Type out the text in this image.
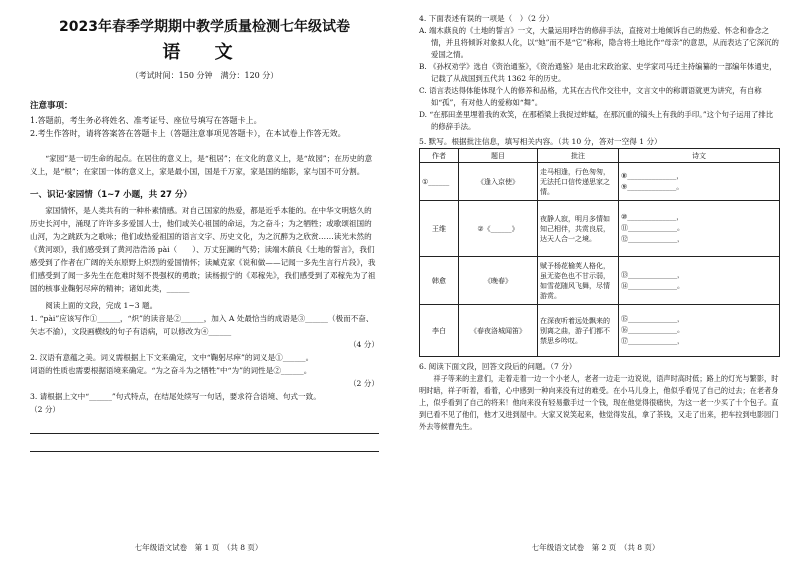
2023年春季学期期中教学质量检测七年级试卷
语 文
（考试时间：150 分钟　满分：120 分）
注意事项：
1.答题前，考生务必将姓名、准考证号、座位号填写在答题卡上。
2.考生作答时，请将答案答在答题卡上（答题注意事项见答题卡），在本试卷上作答无效。
“家园”是一切生命的起点。在居住的意义上，是“租居”；在文化的意义上，是“故园”；在历史的意义上，是“根”；在家国一体的意义上，家是最小国，国是千万家，家是国的缩影，家与国不可分割。
一、识记·家园情（1~7 小题，共 27 分）
家国情怀，是人类共有的一种朴素情感。对自己国家的热爱，都是近乎本能的。在中华文明悠久的历史长河中，涌现了许许多多爱国人士，他们或关心祖国的命运，为之奋斗；为之牺牲；或歌颂祖国的山河，为之跳跃为之歌咏；他们或热爱祖国的语言文字、历史文化，为之沉醉为之欣赏……读光未然的《黄河颂》，我们感受到了黄河浩浩汤 pài（　　）、万丈狂澜的气势；读端木蕻良《土地的誓言》，我们感受到了作者在广阔的关东原野上炽烈的爱国情怀；读臧克家《说和做——记闻一多先生言行片段》，我们感受到了闻一多先生在危难时刻不畏强权的勇敢；读杨振宁的《邓稼先》，我们感受到了邓稼先为了祖国的核事业鞠躬尽瘁的精神；诸如此类，______
阅读上面的文段，完成 1~3 题。
1. “pài”应该写作①______，“炽”的读音是②______，加入 A 处最恰当的成语是③______（极而不奋、矢志不渝），文段画横线的句子有语病，可以修改为④______
（4 分）
2. 汉语有意蕴之美。词义需根据上下文来确定，文中“鞠躬尽瘁”的词义是①______。
词语的性质也需要根据语境来确定。“为之奋斗为之牺牲”中“为”的词性是②______。
（2 分）
3. 请根据上文中“______”句式特点，在结尾处续写一句话，要求符合语境、句式一致。
（2 分）
七年级语文试卷　第 1 页　（共 8 页）
4. 下面表述有误的一项是（　）（2 分）
A. 端木蕻良的《土地的誓言》一文，大量运用呼告的修辞手法，直接对土地倾诉自己的热爱、怀念和眷念之情，并且将倾诉对象拟人化，以“她”而不是“它”称称，隐含将土地比作“母亲”的意思，从而表达了它深沉的爱国之情。
B. 《孙权劝学》选自《资治通鉴》，《资治通鉴》是由北宋政治家、史学家司马迁主持编纂的一部编年体通史，记载了从战国到五代共 1362 年的历史。
C. 语言表达得体能体现个人的修养和品格，尤其在古代作交往中，文言文中的称谓语就更为讲究，有自称如“孤”，有对他人的爱称如“舞”。
D. “在那田垄里埋着我的欢笑，在那稻梁上我捉过蚱蜢，在那沉重的镐头上有我的手印。”这个句子运用了排比的修辞手法。
5. 默写。根据批注信息，填写相关内容。（共 10 分，答对一空得 1 分）
作者	题目	批注	诗文
①______	《逢入京使》	走马相逢，行色匆匆，无法托口信传递思家之情。	⑧______________，
⑨______________。

王维	②《______》	夜静人寂，明月多情如知己相伴，共赏良辰，达天人合一之境。	⑩______________，
⑪______________。
⑫______________，

韩愈	《晚春》	赋予杨花榆荚人格化，虽无姿色也不甘示弱，如雪花随风飞舞，尽情游赏。	⑬______________，
⑭______________。

李白	《春夜洛城闻笛》	在深夜听着远处飘来的别离之曲，游子们都不禁思乡吟叹。	⑮______________，
⑯______________。
⑰______________，
6. 阅读下面文段，回答文段后的问题。（7 分）
祥子等来的主意们，走着走着一边一个小老人，老者一边走一边说说，语声时高时低；路上的灯光与繁影，时明时暗，祥子听着，看着，心中感到一种向来没有过的难受。在小马儿身上，他似乎看见了自己的过去；在老者身上，似乎看到了自己的将来！他向来没有轻易撒手过一个钱，现在他觉得很痛快，为这一老一少买了十个包子。直到已看不见了他们，他才又进到屋中。大家又说笑起来，他觉得发乱，拿了茶钱，又走了出来，把车拉到电影园门外去等候曹先生。
七年级语文试卷　第 2 页　（共 8 页）
